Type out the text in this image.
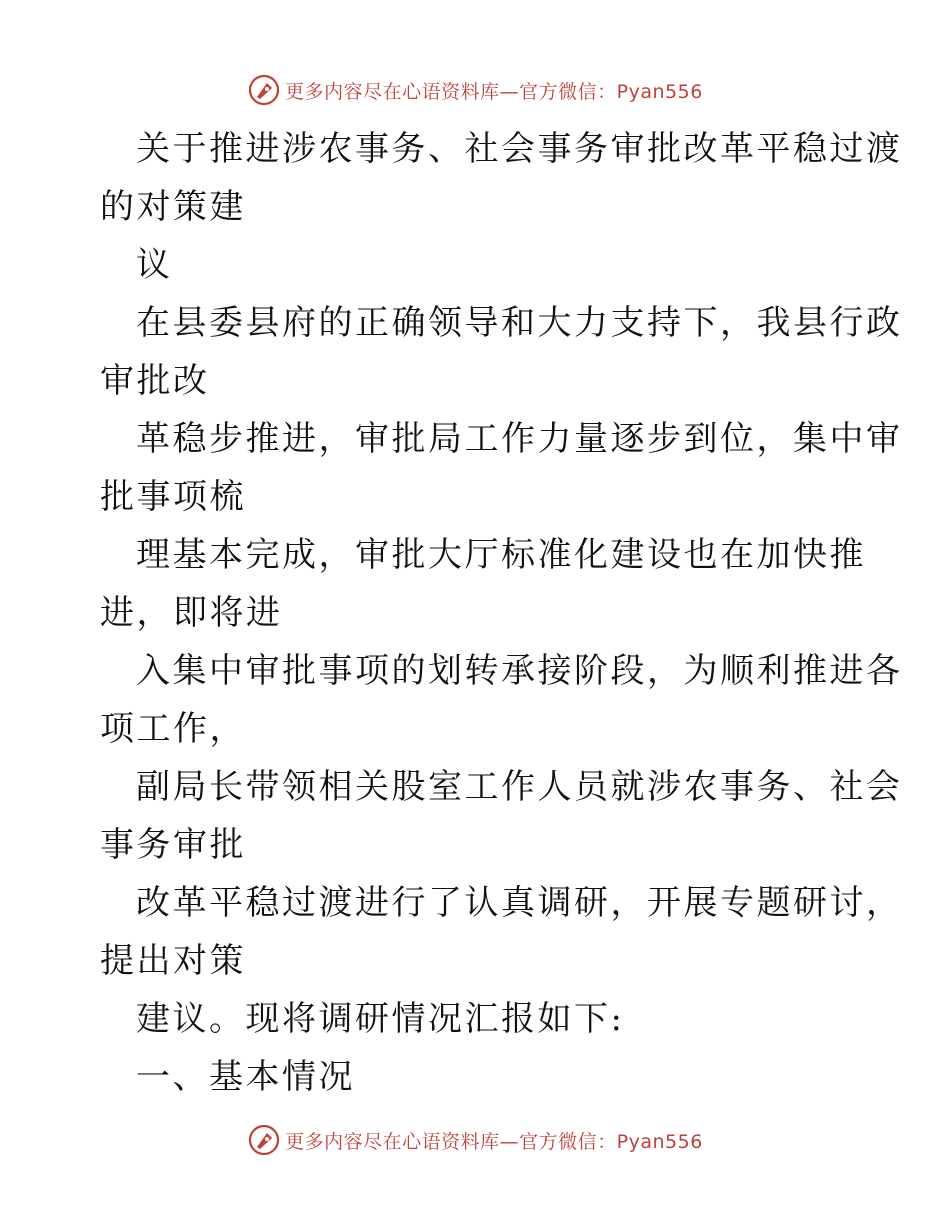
更多内容尽在心语资料库—官方微信：Pyan556
关于推进涉农事务、社会事务审批改革平稳过渡
的对策建
议
在县委县府的正确领导和大力支持下，我县行政
审批改
革稳步推进，审批局工作力量逐步到位，集中审
批事项梳
理基本完成，审批大厅标准化建设也在加快推
进，即将进
入集中审批事项的划转承接阶段，为顺利推进各
项工作，
副局长带领相关股室工作人员就涉农事务、社会
事务审批
改革平稳过渡进行了认真调研，开展专题研讨，
提出对策
建议。现将调研情况汇报如下:
一、基本情况
更多内容尽在心语资料库—官方微信：Pyan556
